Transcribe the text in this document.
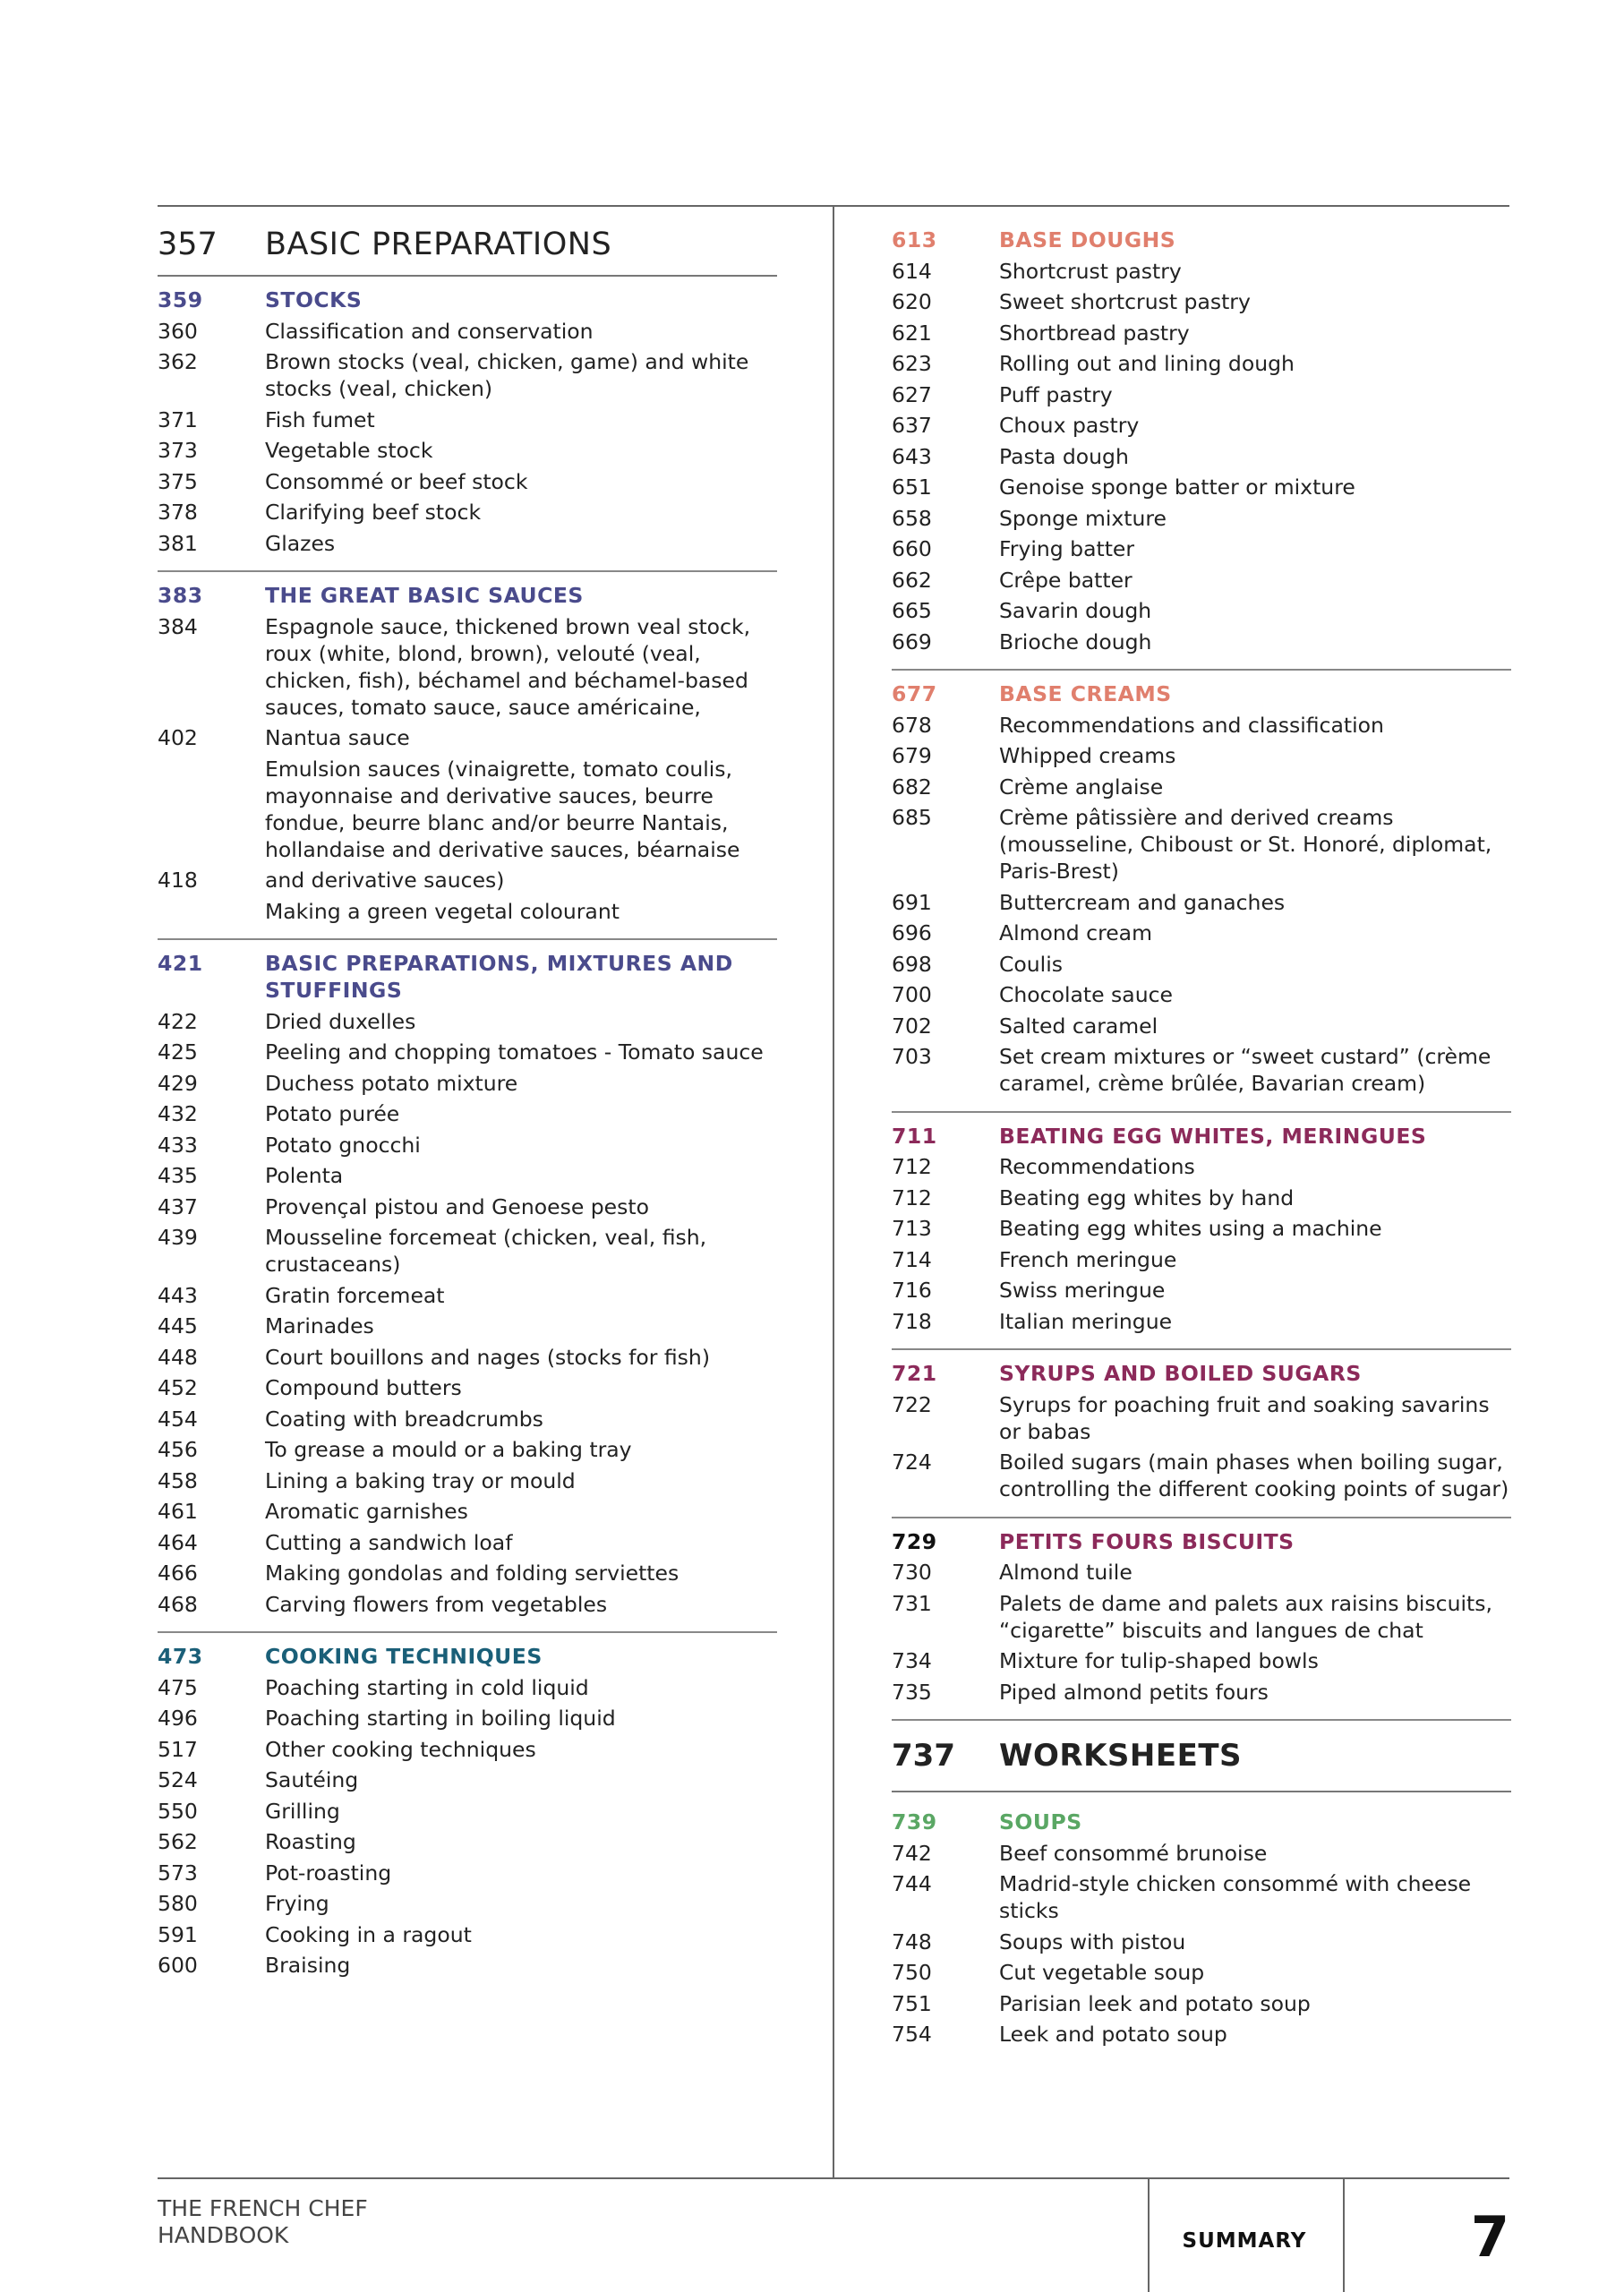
357	BASIC PREPARATIONS
359	STOCKS
360	Classification and conservation
362	Brown stocks (veal, chicken, game) and white stocks (veal, chicken)
371	Fish fumet
373	Vegetable stock
375	Consommé or beef stock
378	Clarifying beef stock
381	Glazes
383	THE GREAT BASIC SAUCES
384	Espagnole sauce, thickened brown veal stock, roux (white, blond, brown), velouté (veal, chicken, fish), béchamel and béchamel-based sauces, tomato sauce, sauce américaine,
402	Nantua sauce
Emulsion sauces (vinaigrette, tomato coulis, mayonnaise and derivative sauces, beurre fondue, beurre blanc and/or beurre Nantais, hollandaise and derivative sauces, béarnaise
418	and derivative sauces)
Making a green vegetal colourant
421	BASIC PREPARATIONS, MIXTURES AND STUFFINGS
422	Dried duxelles
425	Peeling and chopping tomatoes - Tomato sauce
429	Duchess potato mixture
432	Potato purée
433	Potato gnocchi
435	Polenta
437	Provençal pistou and Genoese pesto
439	Mousseline forcemeat (chicken, veal, fish, crustaceans)
443	Gratin forcemeat
445	Marinades
448	Court bouillons and nages (stocks for fish)
452	Compound butters
454	Coating with breadcrumbs
456	To grease a mould or a baking tray
458	Lining a baking tray or mould
461	Aromatic garnishes
464	Cutting a sandwich loaf
466	Making gondolas and folding serviettes
468	Carving flowers from vegetables
473	COOKING TECHNIQUES
475	Poaching starting in cold liquid
496	Poaching starting in boiling liquid
517	Other cooking techniques
524	Sautéing
550	Grilling
562	Roasting
573	Pot-roasting
580	Frying
591	Cooking in a ragout
600	Braising
613	BASE DOUGHS
614	Shortcrust pastry
620	Sweet shortcrust pastry
621	Shortbread pastry
623	Rolling out and lining dough
627	Puff pastry
637	Choux pastry
643	Pasta dough
651	Genoise sponge batter or mixture
658	Sponge mixture
660	Frying batter
662	Crêpe batter
665	Savarin dough
669	Brioche dough
677	BASE CREAMS
678	Recommendations and classification
679	Whipped creams
682	Crème anglaise
685	Crème pâtissière and derived creams (mousseline, Chiboust or St. Honoré, diplomat, Paris-Brest)
691	Buttercream and ganaches
696	Almond cream
698	Coulis
700	Chocolate sauce
702	Salted caramel
703	Set cream mixtures or “sweet custard” (crème caramel, crème brûlée, Bavarian cream)
711	BEATING EGG WHITES, MERINGUES
712	Recommendations
712	Beating egg whites by hand
713	Beating egg whites using a machine
714	French meringue
716	Swiss meringue
718	Italian meringue
721	SYRUPS AND BOILED SUGARS
722	Syrups for poaching fruit and soaking savarins or babas
724	Boiled sugars (main phases when boiling sugar, controlling the different cooking points of sugar)
729	PETITS FOURS BISCUITS
730	Almond tuile
731	Palets de dame and palets aux raisins biscuits, “cigarette” biscuits and langues de chat
734	Mixture for tulip-shaped bowls
735	Piped almond petits fours
737	WORKSHEETS
739	SOUPS
742	Beef consommé brunoise
744	Madrid-style chicken consommé with cheese sticks
748	Soups with pistou
750	Cut vegetable soup
751	Parisian leek and potato soup
754	Leek and potato soup
THE FRENCH CHEF
HANDBOOK	SUMMARY	7
